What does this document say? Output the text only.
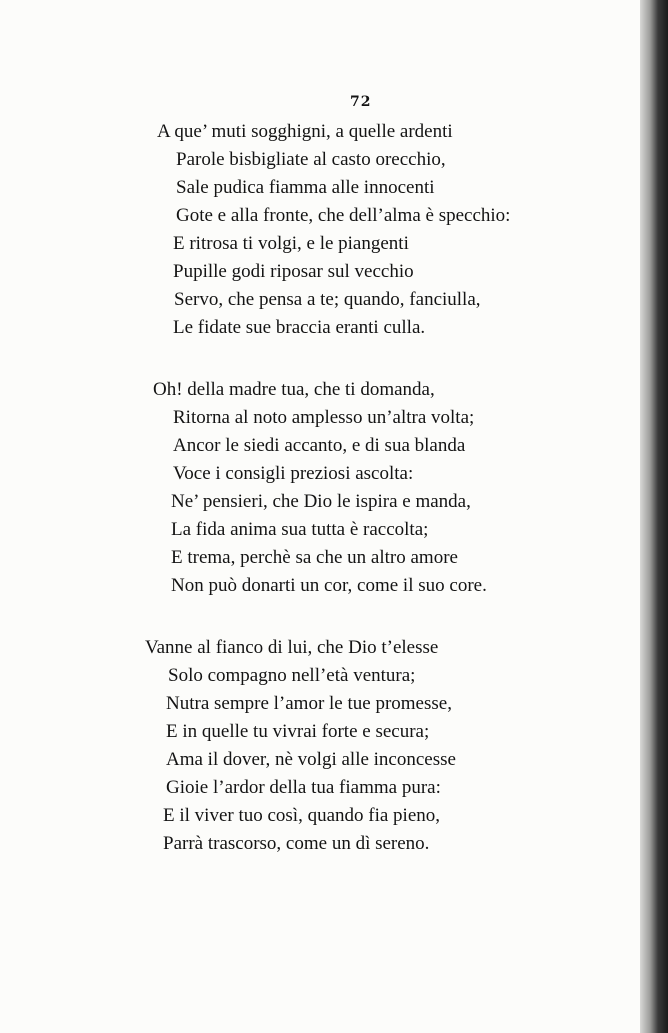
72
A que’ muti sogghigni, a quelle ardenti
Parole bisbigliate al casto orecchio,
Sale pudica fiamma alle innocenti
Gote e alla fronte, che dell’alma è specchio:
E ritrosa ti volgi, e le piangenti
Pupille godi riposar sul vecchio
Servo, che pensa a te; quando, fanciulla,
Le fidate sue braccia eranti culla.
Oh! della madre tua, che ti domanda,
Ritorna al noto amplesso un’altra volta;
Ancor le siedi accanto, e di sua blanda
Voce i consigli preziosi ascolta:
Ne’ pensieri, che Dio le ispira e manda,
La fida anima sua tutta è raccolta;
E trema, perchè sa che un altro amore
Non può donarti un cor, come il suo core.
Vanne al fianco di lui, che Dio t’elesse
Solo compagno nell’età ventura;
Nutra sempre l’amor le tue promesse,
E in quelle tu vivrai forte e secura;
Ama il dover, nè volgi alle inconcesse
Gioie l’ardor della tua fiamma pura:
E il viver tuo così, quando fia pieno,
Parrà trascorso, come un dì sereno.
